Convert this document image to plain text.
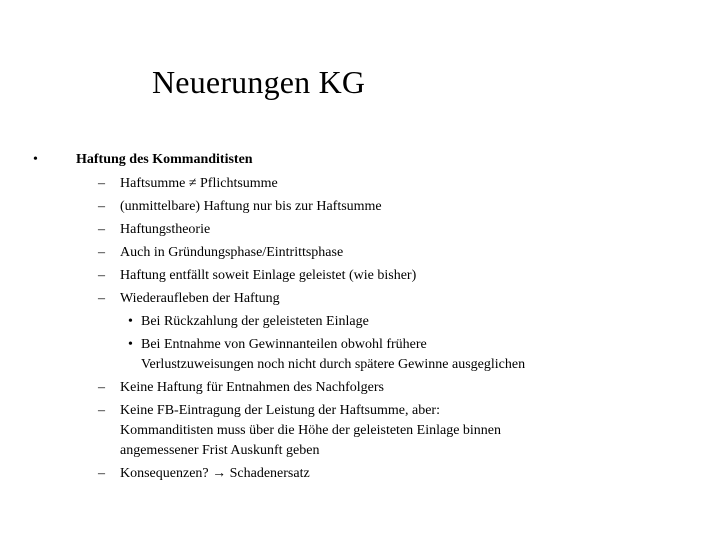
Neuerungen KG
•	Haftung des Kommanditisten
– Haftsumme ≠ Pflichtsumme
– (unmittelbare) Haftung nur bis zur Haftsumme
– Haftungstheorie
– Auch in Gründungsphase/Eintrittsphase
– Haftung entfällt soweit Einlage geleistet (wie bisher)
– Wiederaufleben der Haftung
• Bei Rückzahlung der geleisteten Einlage
• Bei Entnahme von Gewinnanteilen obwohl frühere
Verlustzuweisungen noch nicht durch spätere Gewinne ausgeglichen
– Keine Haftung für Entnahmen des Nachfolgers
– Keine FB-Eintragung der Leistung der Haftsumme, aber:
Kommanditisten muss über die Höhe der geleisteten Einlage binnen
angemessener Frist Auskunft geben
– Konsequenzen? → Schadenersatz
